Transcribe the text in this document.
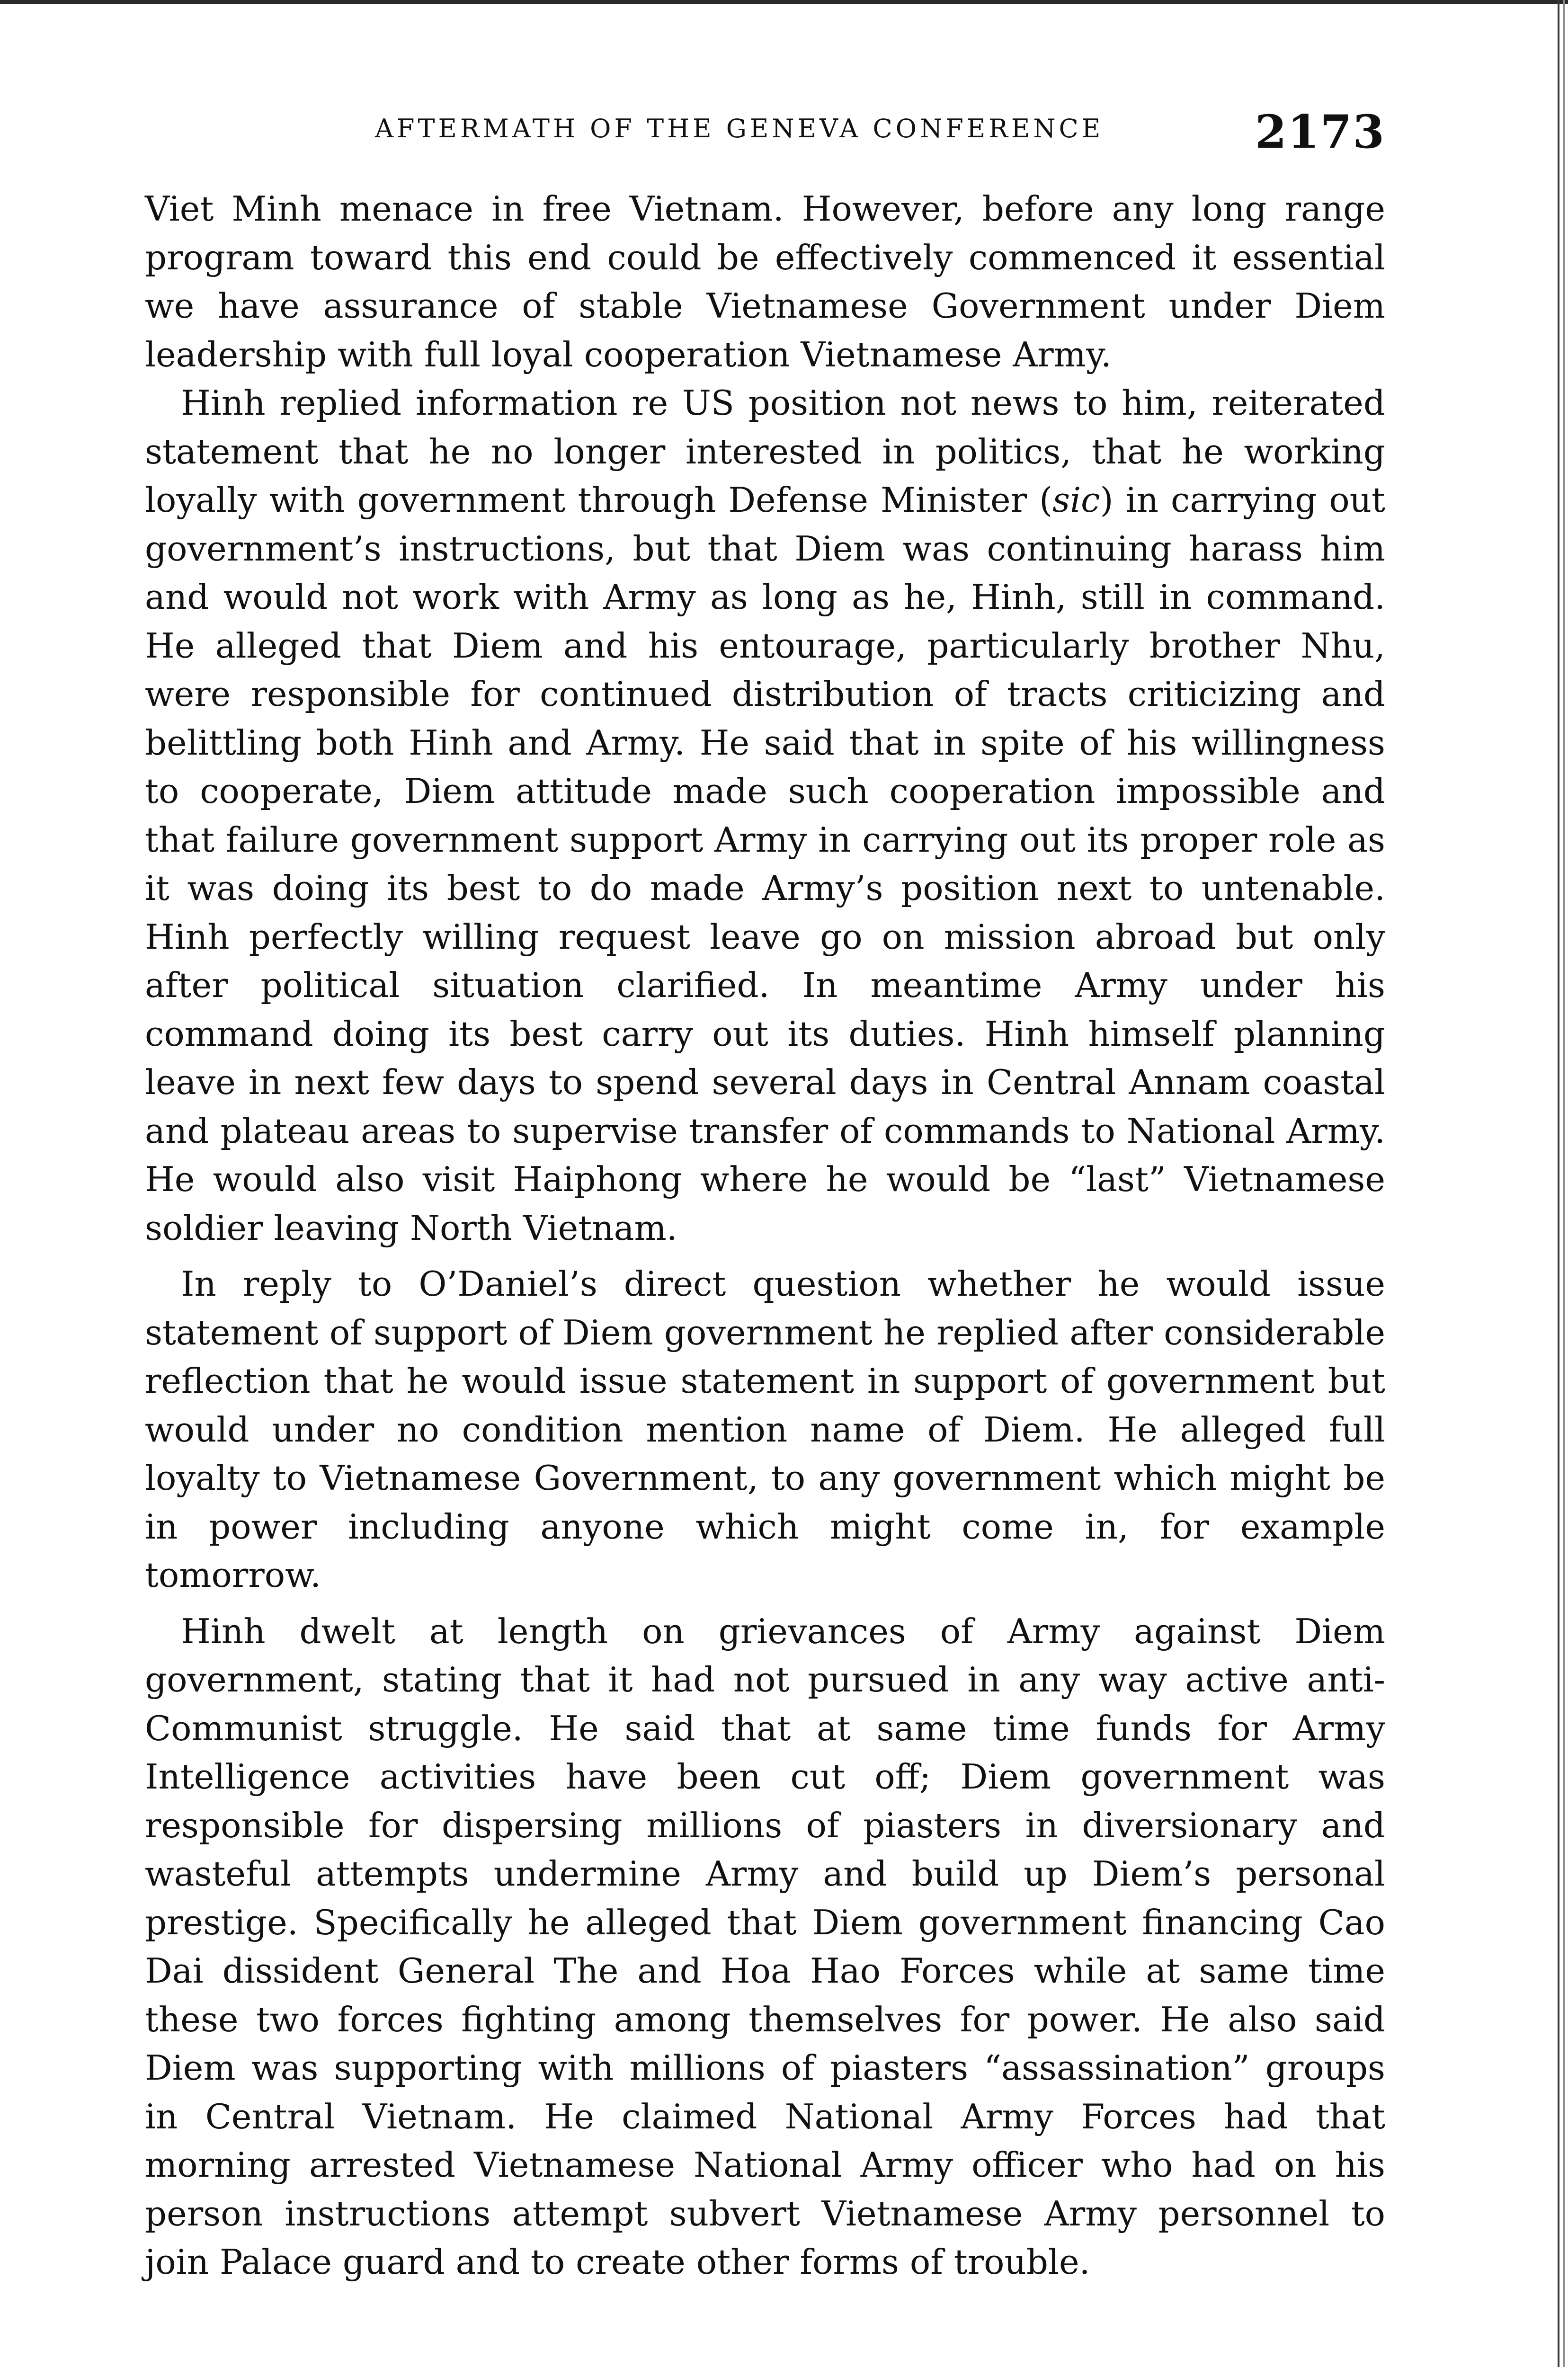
AFTERMATH OF THE GENEVA CONFERENCE	2173

Viet Minh menace in free Vietnam. However, before any long range program toward this end could be effectively commenced it essential we have assurance of stable Vietnamese Government under Diem leadership with full loyal cooperation Vietnamese Army.

Hinh replied information re US position not news to him, reiterated statement that he no longer interested in politics, that he working loyally with government through Defense Minister (sic) in carrying out government’s instructions, but that Diem was continuing harass him and would not work with Army as long as he, Hinh, still in command. He alleged that Diem and his entourage, particularly brother Nhu, were responsible for continued distribution of tracts criticizing and belittling both Hinh and Army. He said that in spite of his willingness to cooperate, Diem attitude made such cooperation impossible and that failure government support Army in carrying out its proper role as it was doing its best to do made Army’s position next to untenable. Hinh perfectly willing request leave go on mission abroad but only after political situation clarified. In meantime Army under his command doing its best carry out its duties. Hinh himself planning leave in next few days to spend several days in Central Annam coastal and plateau areas to supervise transfer of commands to National Army. He would also visit Haiphong where he would be “last” Vietnamese soldier leaving North Vietnam.

In reply to O’Daniel’s direct question whether he would issue statement of support of Diem government he replied after considerable reflection that he would issue statement in support of government but would under no condition mention name of Diem. He alleged full loyalty to Vietnamese Government, to any government which might be in power including anyone which might come in, for example tomorrow.

Hinh dwelt at length on grievances of Army against Diem government, stating that it had not pursued in any way active anti-Communist struggle. He said that at same time funds for Army Intelligence activities have been cut off; Diem government was responsible for dispersing millions of piasters in diversionary and wasteful attempts undermine Army and build up Diem’s personal prestige. Specifically he alleged that Diem government financing Cao Dai dissident General The and Hoa Hao Forces while at same time these two forces fighting among themselves for power. He also said Diem was supporting with millions of piasters “assassination” groups in Central Vietnam. He claimed National Army Forces had that morning arrested Vietnamese National Army officer who had on his person instructions attempt subvert Vietnamese Army personnel to join Palace guard and to create other forms of trouble.
